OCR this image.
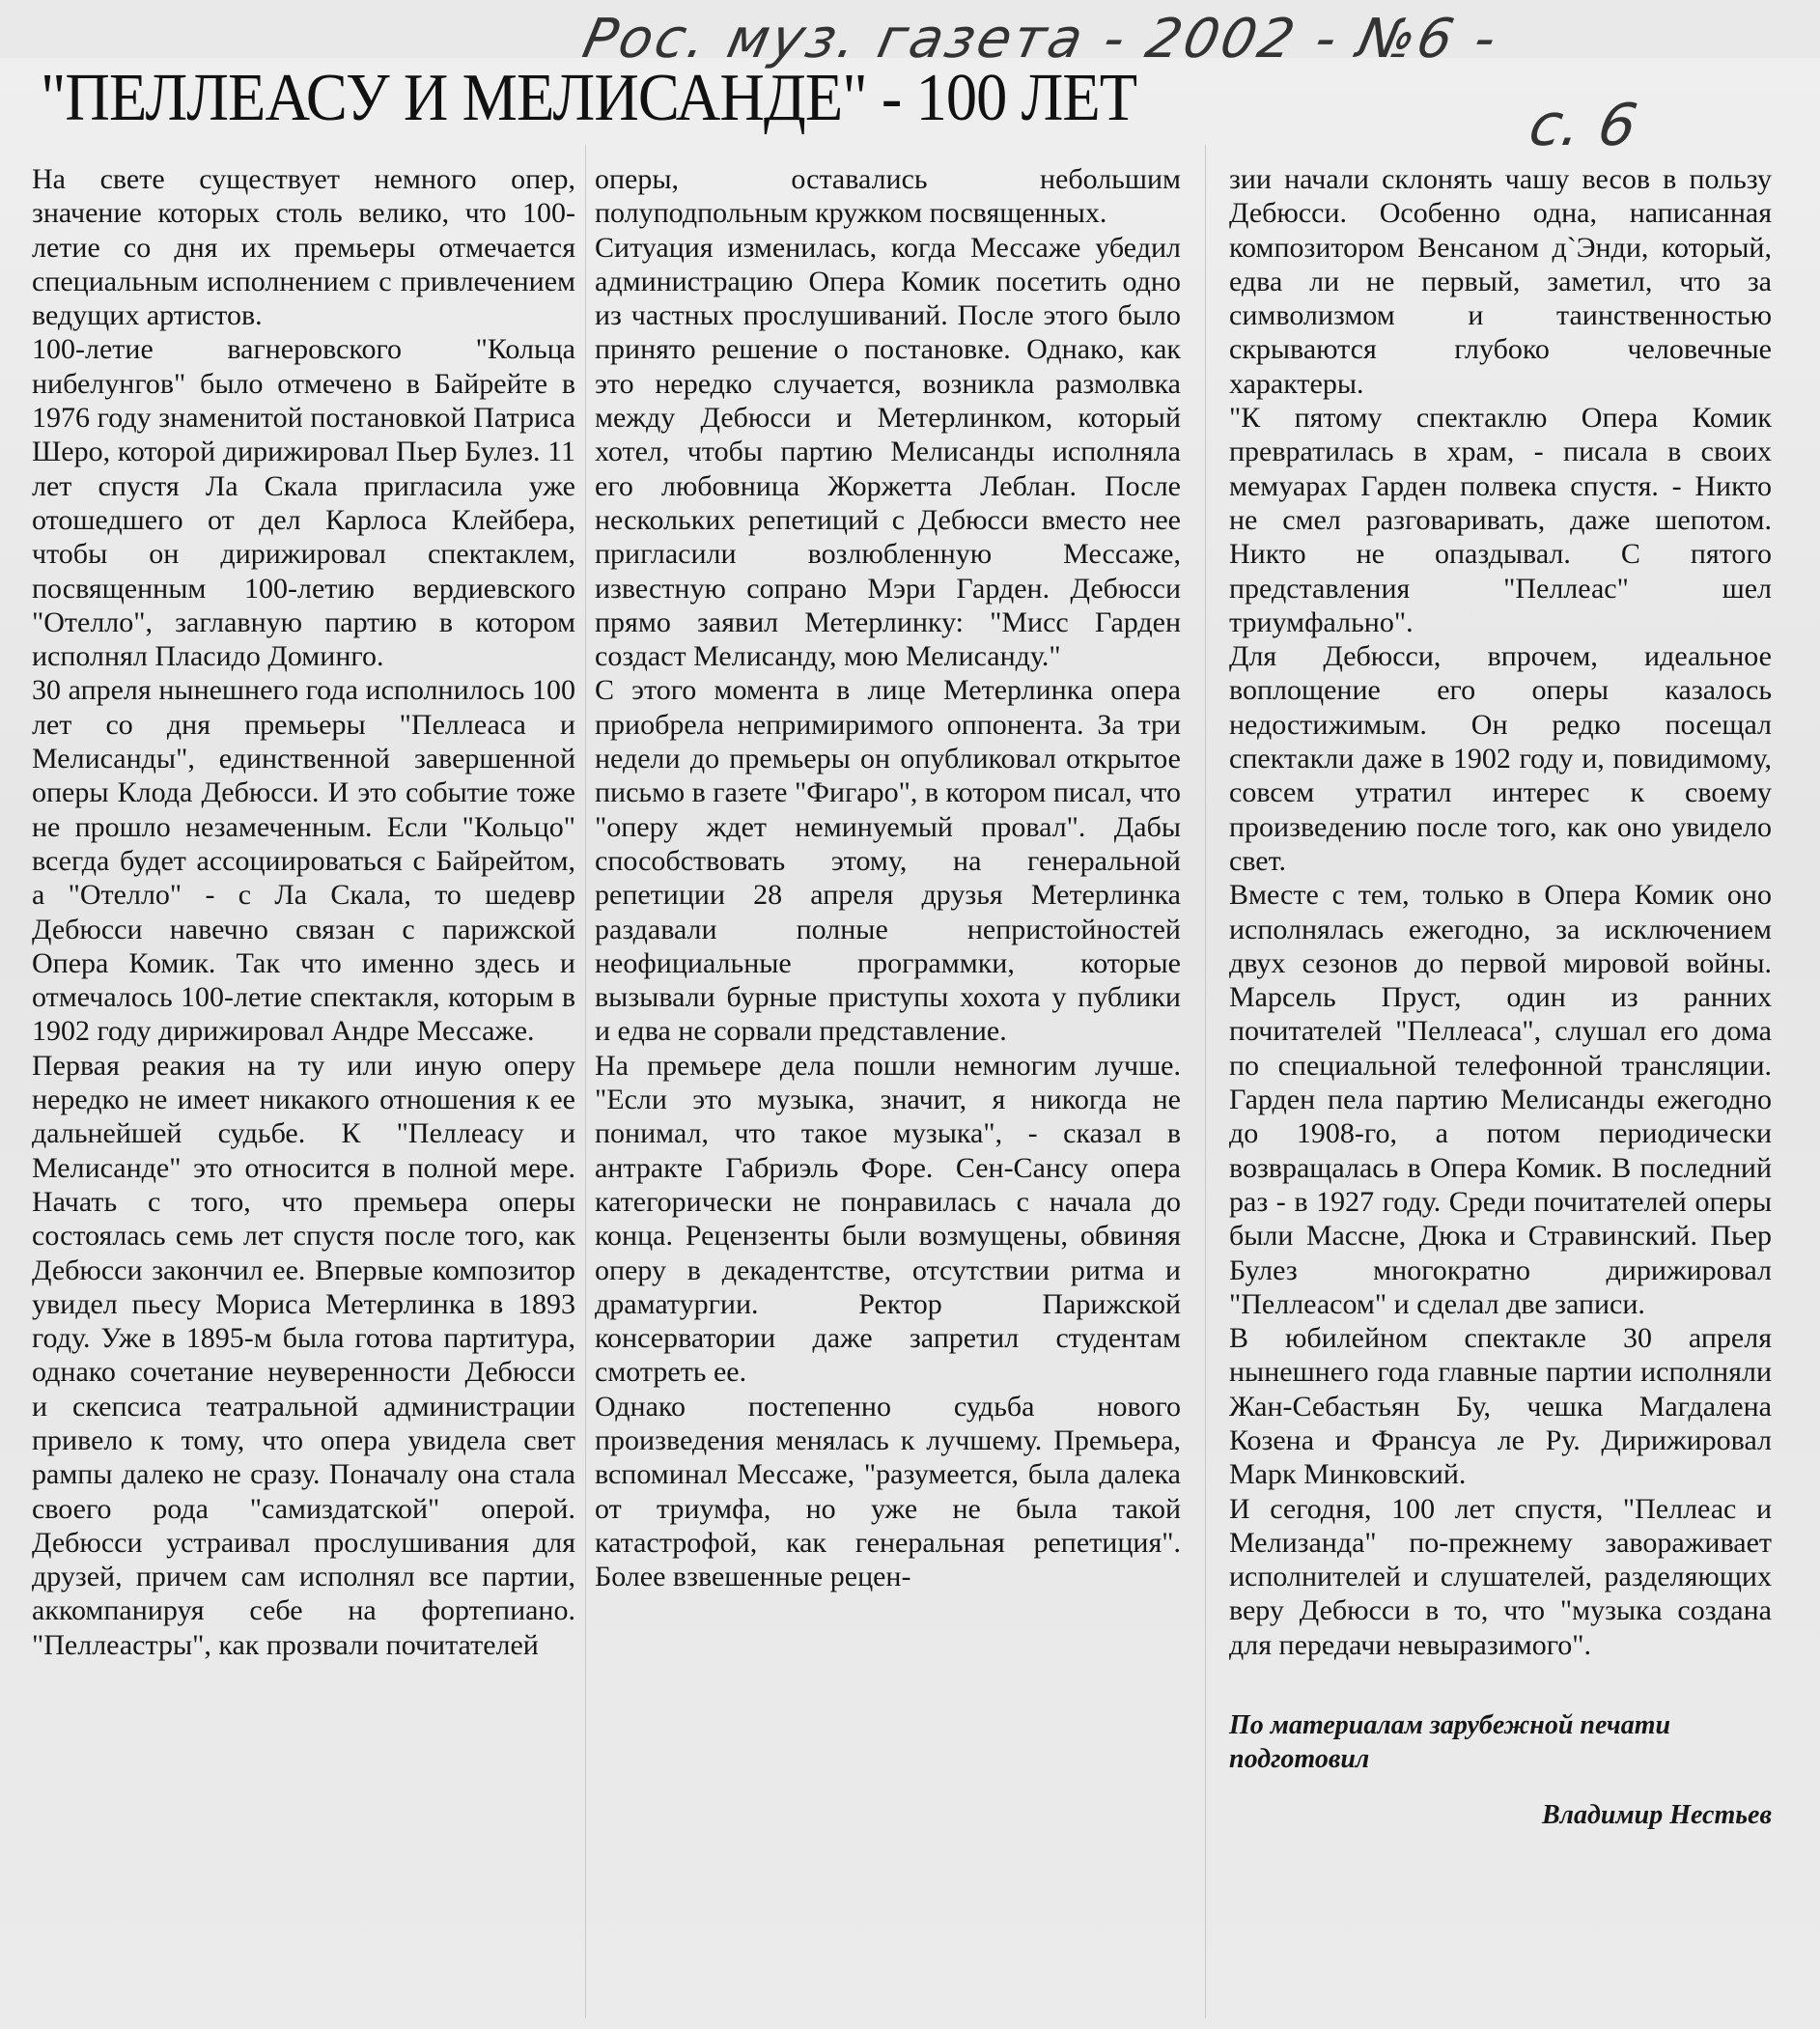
Рос. муз. газета - 2002 - №6 -
с. 6
"ПЕЛЛЕАСУ И МЕЛИСАНДЕ" - 100 ЛЕТ

На свете существует немного опер, значение которых столь велико, что 100-летие со дня их премьеры отмечается специальным исполнением с привлечением ведущих артистов.

100-летие вагнеровского "Кольца нибелунгов" было отмечено в Байрейте в 1976 году знаменитой постановкой Патриса Шеро, которой дирижировал Пьер Булез. 11 лет спустя Ла Скала пригласила уже отошедшего от дел Карлоса Клейбера, чтобы он дирижировал спектаклем, посвященным 100-летию вердиевского "Отелло", заглавную партию в котором исполнял Пласидо Доминго.

30 апреля нынешнего года исполнилось 100 лет со дня премьеры "Пеллеаса и Мелисанды", единственной завершенной оперы Клода Дебюсси. И это событие тоже не прошло незамеченным. Если "Кольцо" всегда будет ассоциироваться с Байрейтом, а "Отелло" - с Ла Скала, то шедевр Дебюсси навечно связан с парижской Опера Комик. Так что именно здесь и отмечалось 100-летие спектакля, которым в 1902 году дирижировал Андре Мессаже.

Первая реакия на ту или иную оперу нередко не имеет никакого отношения к ее дальнейшей судьбе. К "Пеллеасу и Мелисанде" это относится в полной мере. Начать с того, что премьера оперы состоялась семь лет спустя после того, как Дебюсси закончил ее. Впервые композитор увидел пьесу Мориса Метерлинка в 1893 году. Уже в 1895-м была готова партитура, однако сочетание неуверенности Дебюсси и скепсиса театральной администрации привело к тому, что опера увидела свет рампы далеко не сразу. Поначалу она стала своего рода "самиздатской" оперой. Дебюсси устраивал прослушивания для друзей, причем сам исполнял все партии, аккомпанируя себе на фортепиано. "Пеллеастры", как прозвали почитателей

оперы, оставались небольшим полуподпольным кружком посвященных.

Ситуация изменилась, когда Мессаже убедил администрацию Опера Комик посетить одно из частных прослушиваний. После этого было принято решение о постановке. Однако, как это нередко случается, возникла размолвка между Дебюсси и Метерлинком, который хотел, чтобы партию Мелисанды исполняла его любовница Жоржетта Леблан. После нескольких репетиций с Дебюсси вместо нее пригласили возлюбленную Мессаже, известную сопрано Мэри Гарден. Дебюсси прямо заявил Метерлинку: "Мисс Гарден создаст Мелисанду, мою Мелисанду."

С этого момента в лице Метерлинка опера приобрела непримиримого оппонента. За три недели до премьеры он опубликовал открытое письмо в газете "Фигаро", в котором писал, что "оперу ждет неминуемый провал". Дабы способствовать этому, на генеральной репетиции 28 апреля друзья Метерлинка раздавали полные непристойностей неофициальные программки, которые вызывали бурные приступы хохота у публики и едва не сорвали представление.

На премьере дела пошли немногим лучше. "Если это музыка, значит, я никогда не понимал, что такое музыка", - сказал в антракте Габриэль Форе. Сен-Сансу опера категорически не понравилась с начала до конца. Рецензенты были возмущены, обвиняя оперу в декадентстве, отсутствии ритма и драматургии. Ректор Парижской консерватории даже запретил студентам смотреть ее.

Однако постепенно судьба нового произведения менялась к лучшему. Премьера, вспоминал Мессаже, "разумеется, была далека от триумфа, но уже не была такой катастрофой, как генеральная репетиция". Более взвешенные рецен-

зии начали склонять чашу весов в пользу Дебюсси. Особенно одна, написанная композитором Венсаном д`Энди, который, едва ли не первый, заметил, что за символизмом и таинственностью скрываются глубоко человечные характеры.

"К пятому спектаклю Опера Комик превратилась в храм, - писала в своих мемуарах Гарден полвека спустя. - Никто не смел разговаривать, даже шепотом. Никто не опаздывал. С пятого представления "Пеллеас" шел триумфально".

Для Дебюсси, впрочем, идеальное воплощение его оперы казалось недостижимым. Он редко посещал спектакли даже в 1902 году и, повидимому, совсем утратил интерес к своему произведению после того, как оно увидело свет.

Вместе с тем, только в Опера Комик оно исполнялась ежегодно, за исключением двух сезонов до первой мировой войны. Марсель Пруст, один из ранних почитателей "Пеллеаса", слушал его дома по специальной телефонной трансляции. Гарден пела партию Мелисанды ежегодно до 1908-го, а потом периодически возвращалась в Опера Комик. В последний раз - в 1927 году. Среди почитателей оперы были Массне, Дюка и Стравинский. Пьер Булез многократно дирижировал "Пеллеасом" и сделал две записи.

В юбилейном спектакле 30 апреля нынешнего года главные партии исполняли Жан-Себастьян Бу, чешка Магдалена Козена и Франсуа ле Ру. Дирижировал Марк Минковский.

И сегодня, 100 лет спустя, "Пеллеас и Мелизанда" по-прежнему завораживает исполнителей и слушателей, разделяющих веру Дебюсси в то, что "музыка создана для передачи невыразимого".

По материалам зарубежной печати подготовил

Владимир Нестьев
